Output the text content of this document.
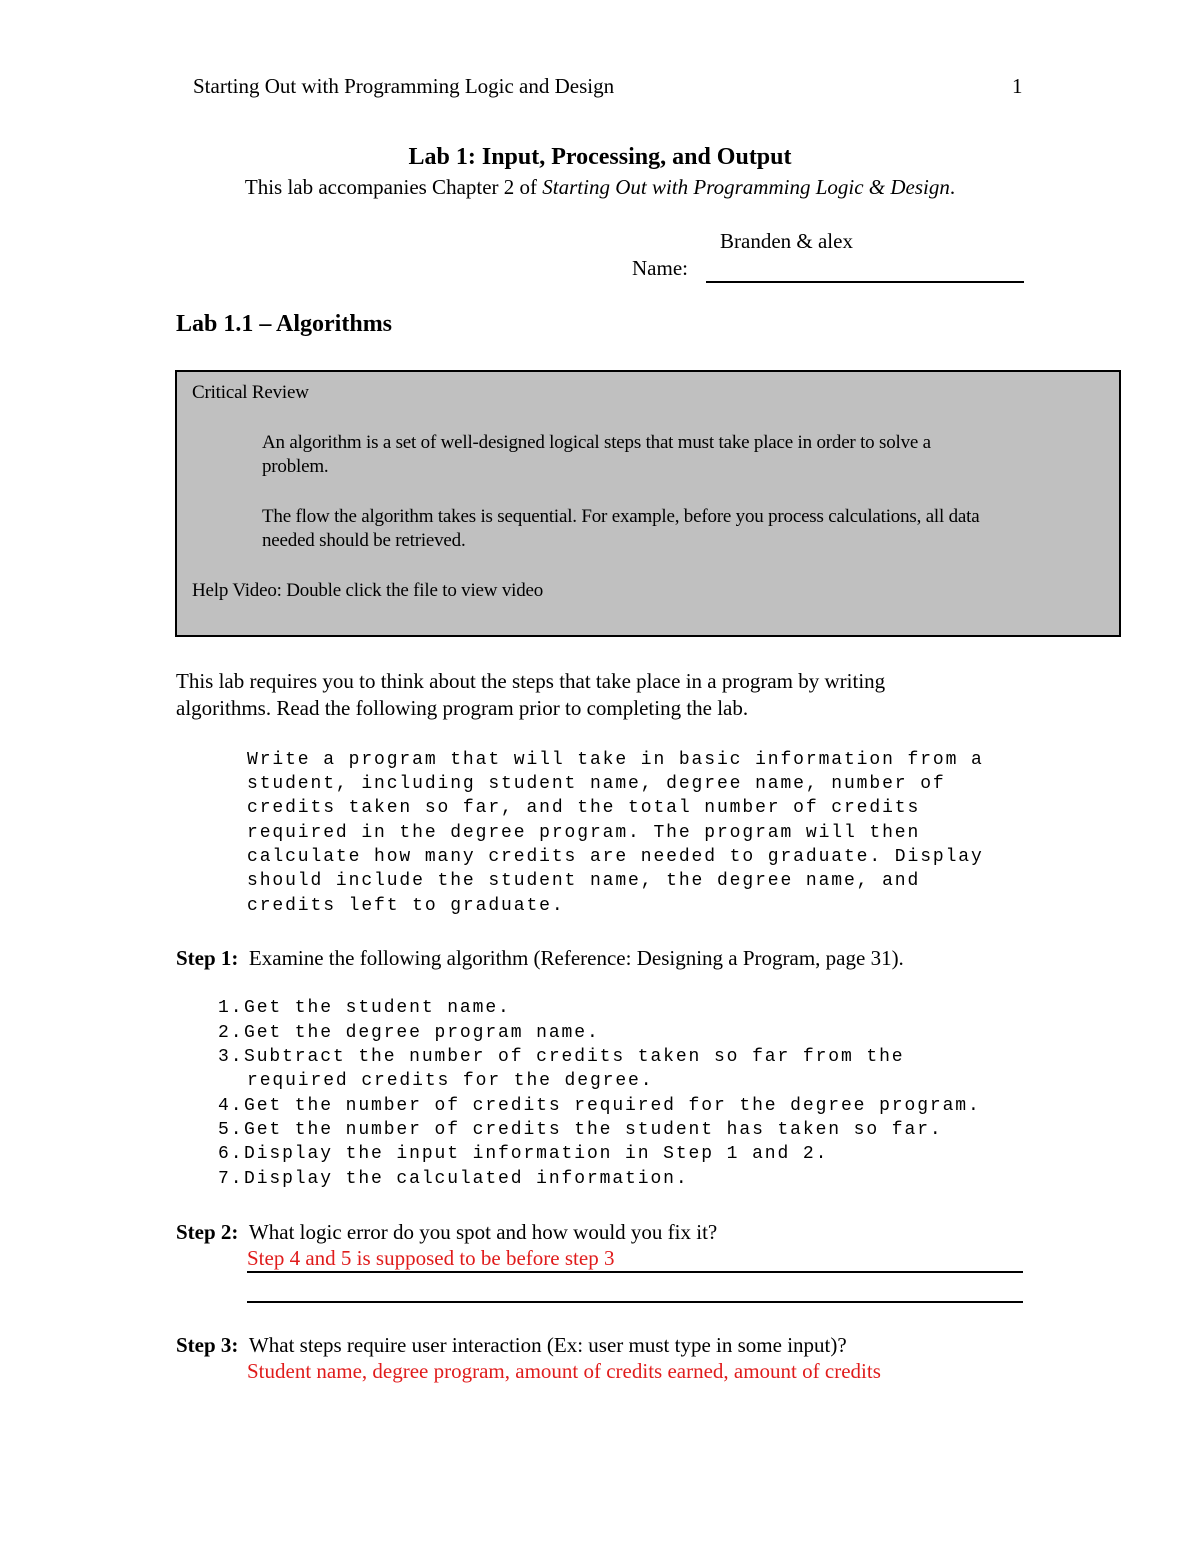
Starting Out with Programming Logic and Design	1
Lab 1: Input, Processing, and Output
This lab accompanies Chapter 2 of Starting Out with Programming Logic & Design.
Branden & alex
Name:
Lab 1.1 – Algorithms
Critical Review
An algorithm is a set of well-designed logical steps that must take place in order to solve a
problem.
The flow the algorithm takes is sequential. For example, before you process calculations, all data
needed should be retrieved.
Help Video: Double click the file to view video
This lab requires you to think about the steps that take place in a program by writing
algorithms. Read the following program prior to completing the lab.
Write a program that will take in basic information from a
student, including student name, degree name, number of
credits taken so far, and the total number of credits
required in the degree program. The program will then
calculate how many credits are needed to graduate. Display
should include the student name, the degree name, and
credits left to graduate.
Step 1: Examine the following algorithm (Reference: Designing a Program, page 31).
1.Get the student name.
2.Get the degree program name.
3.Subtract the number of credits taken so far from the
required credits for the degree.
4.Get the number of credits required for the degree program.
5.Get the number of credits the student has taken so far.
6.Display the input information in Step 1 and 2.
7.Display the calculated information.
Step 2: What logic error do you spot and how would you fix it?
Step 4 and 5 is supposed to be before step 3
Step 3: What steps require user interaction (Ex: user must type in some input)?
Student name, degree program, amount of credits earned, amount of credits
